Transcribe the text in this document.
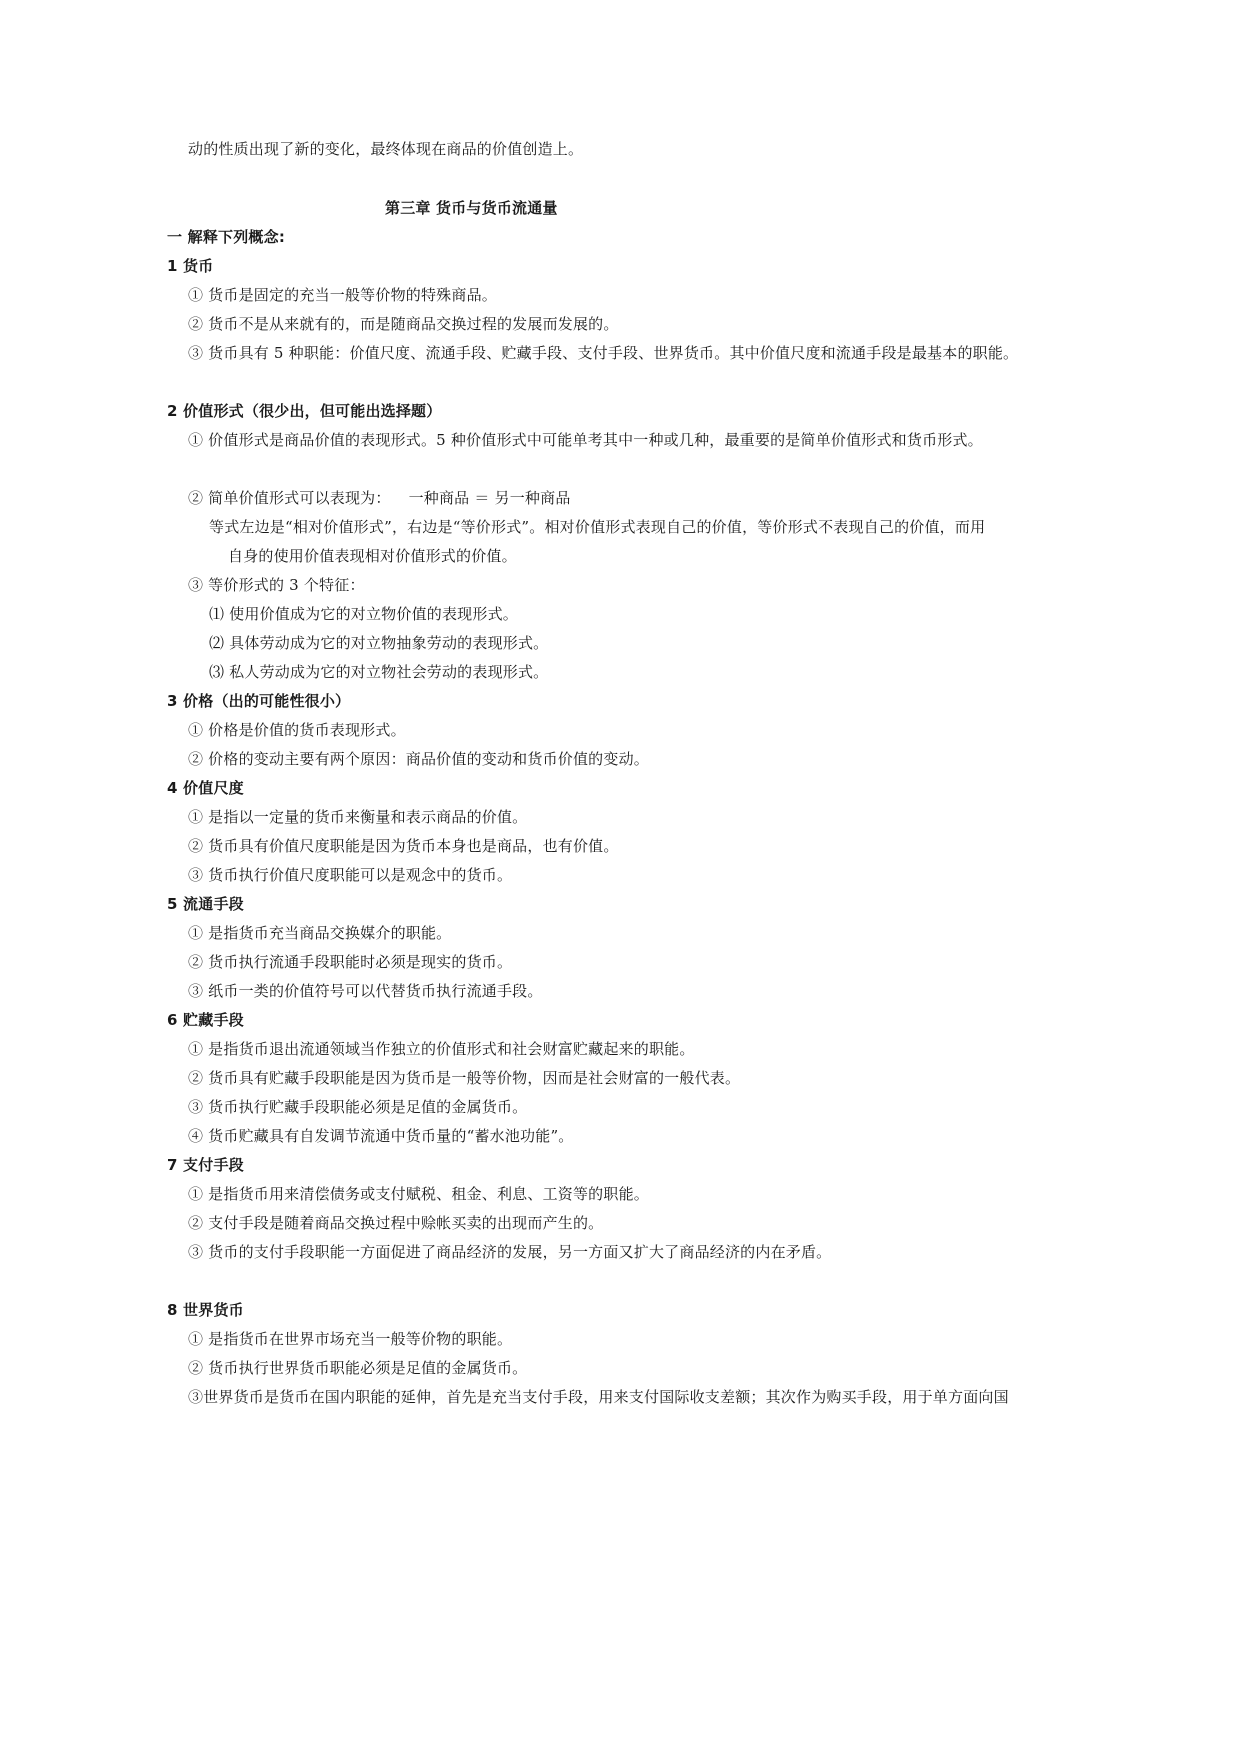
动的性质出现了新的变化，最终体现在商品的价值创造上。
第三章 货币与货币流通量
一 解释下列概念:
1 货币
① 货币是固定的充当一般等价物的特殊商品。
② 货币不是从来就有的，而是随商品交换过程的发展而发展的。
③ 货币具有 5 种职能：价值尺度、流通手段、贮藏手段、支付手段、世界货币。其中价值尺度和流通手段是最基本的职能。
2 价值形式（很少出，但可能出选择题）
① 价值形式是商品价值的表现形式。5 种价值形式中可能单考其中一种或几种，最重要的是简单价值形式和货币形式。
② 简单价值形式可以表现为： 一种商品 ＝ 另一种商品
等式左边是“相对价值形式”，右边是“等价形式”。相对价值形式表现自己的价值，等价形式不表现自己的价值，而用
自身的使用价值表现相对价值形式的价值。
③ 等价形式的 3 个特征：
⑴ 使用价值成为它的对立物价值的表现形式。
⑵ 具体劳动成为它的对立物抽象劳动的表现形式。
⑶ 私人劳动成为它的对立物社会劳动的表现形式。
3 价格（出的可能性很小）
① 价格是价值的货币表现形式。
② 价格的变动主要有两个原因：商品价值的变动和货币价值的变动。
4 价值尺度
① 是指以一定量的货币来衡量和表示商品的价值。
② 货币具有价值尺度职能是因为货币本身也是商品，也有价值。
③ 货币执行价值尺度职能可以是观念中的货币。
5 流通手段
① 是指货币充当商品交换媒介的职能。
② 货币执行流通手段职能时必须是现实的货币。
③ 纸币一类的价值符号可以代替货币执行流通手段。
6 贮藏手段
① 是指货币退出流通领域当作独立的价值形式和社会财富贮藏起来的职能。
② 货币具有贮藏手段职能是因为货币是一般等价物，因而是社会财富的一般代表。
③ 货币执行贮藏手段职能必须是足值的金属货币。
④ 货币贮藏具有自发调节流通中货币量的“蓄水池功能”。
7 支付手段
① 是指货币用来清偿债务或支付赋税、租金、利息、工资等的职能。
② 支付手段是随着商品交换过程中赊帐买卖的出现而产生的。
③ 货币的支付手段职能一方面促进了商品经济的发展，另一方面又扩大了商品经济的内在矛盾。
8 世界货币
① 是指货币在世界市场充当一般等价物的职能。
② 货币执行世界货币职能必须是足值的金属货币。
③世界货币是货币在国内职能的延伸，首先是充当支付手段，用来支付国际收支差额；其次作为购买手段，用于单方面向国
